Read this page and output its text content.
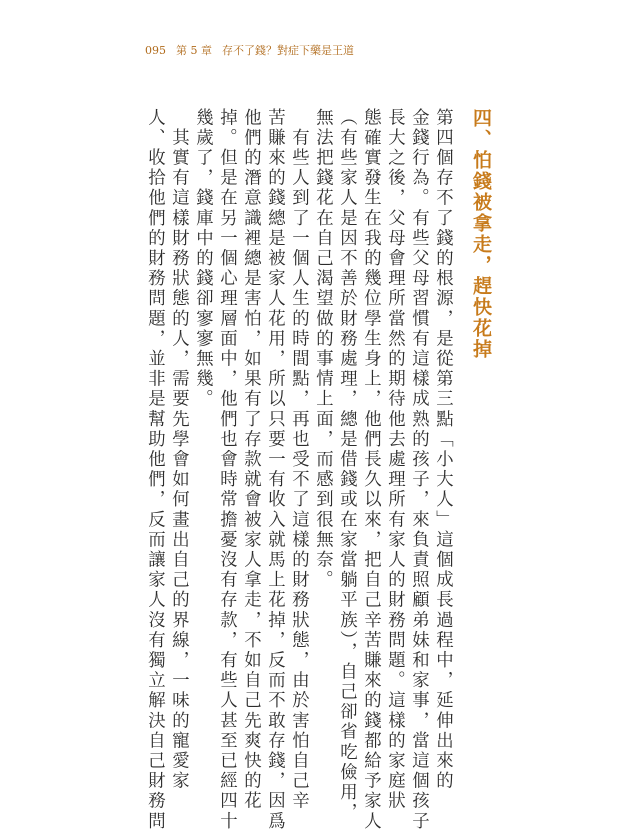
095 第 5 章 存不了錢？對症下藥是王道
四、怕錢被拿走，趕快花掉
第四個存不了錢的根源，是從第三點「小大人」這個成長過程中，延伸出來的
金錢行為。有些父母習慣有這樣成熟的孩子，來負責照顧弟妹和家事，當這個孩子
長大之後，父母會理所當然的期待他去處理所有家人的財務問題。這樣的家庭狀
態確實發生在我的幾位學生身上，他們長久以來，把自己辛苦賺來的錢都給予家人
（有些家人是因不善於財務處理，總是借錢或在家當躺平族），自己卻省吃儉用，
無法把錢花在自己渴望做的事情上面，而感到很無奈。
　有些人到了一個人生的時間點，再也受不了這樣的財務狀態，由於害怕自己辛
苦賺來的錢總是被家人花用，所以只要一有收入就馬上花掉，反而不敢存錢，因爲
他們的潛意識裡總是害怕，如果有了存款就會被家人拿走，不如自己先爽快的花
掉。但是在另一個心理層面中，他們也會時常擔憂沒有存款，有些人甚至已經四十
幾歲了，錢庫中的錢卻寥寥無幾。
　其實有這樣財務狀態的人，需要先學會如何畫出自己的界線，一味的寵愛家
人、收拾他們的財務問題，並非是幫助他們，反而讓家人沒有獨立解決自己財務問
